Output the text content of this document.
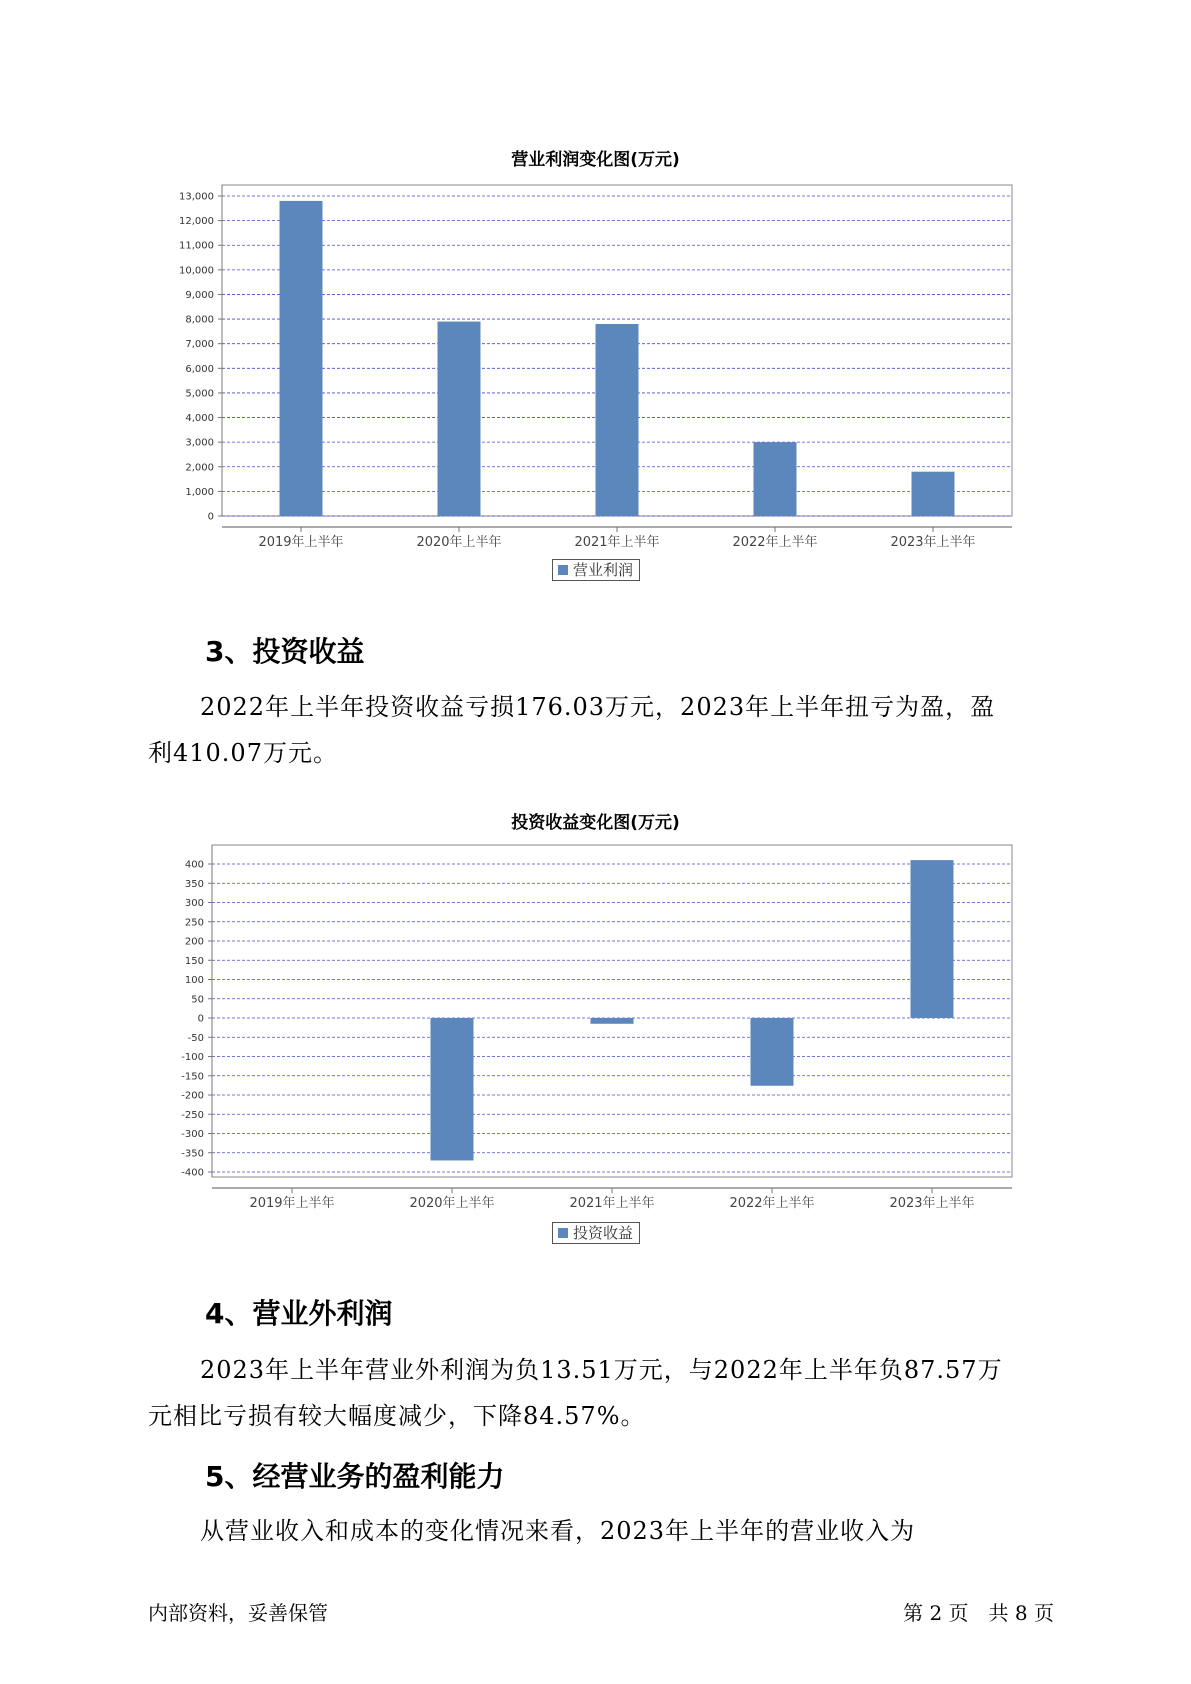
营业利润变化图(万元)
0
1,000
2,000
3,000
4,000
5,000
6,000
7,000
8,000
9,000
10,000
11,000
12,000
13,000
2019年上半年	2020年上半年	2021年上半年	2022年上半年	2023年上半年
营业利润
3、投资收益

2022年上半年投资收益亏损176.03万元，2023年上半年扭亏为盈，盈
利410.07万元。

投资收益变化图(万元)
-400
-350
-300
-250
-200
-150
-100
-50
0
50
100
150
200
250
300
350
400
2019年上半年	2020年上半年	2021年上半年	2022年上半年	2023年上半年
投资收益
4、营业外利润

2023年上半年营业外利润为负13.51万元，与2022年上半年负87.57万
元相比亏损有较大幅度减少，下降84.57%。

5、经营业务的盈利能力

从营业收入和成本的变化情况来看，2023年上半年的营业收入为

内部资料，妥善保管	第 2 页　共 8 页
